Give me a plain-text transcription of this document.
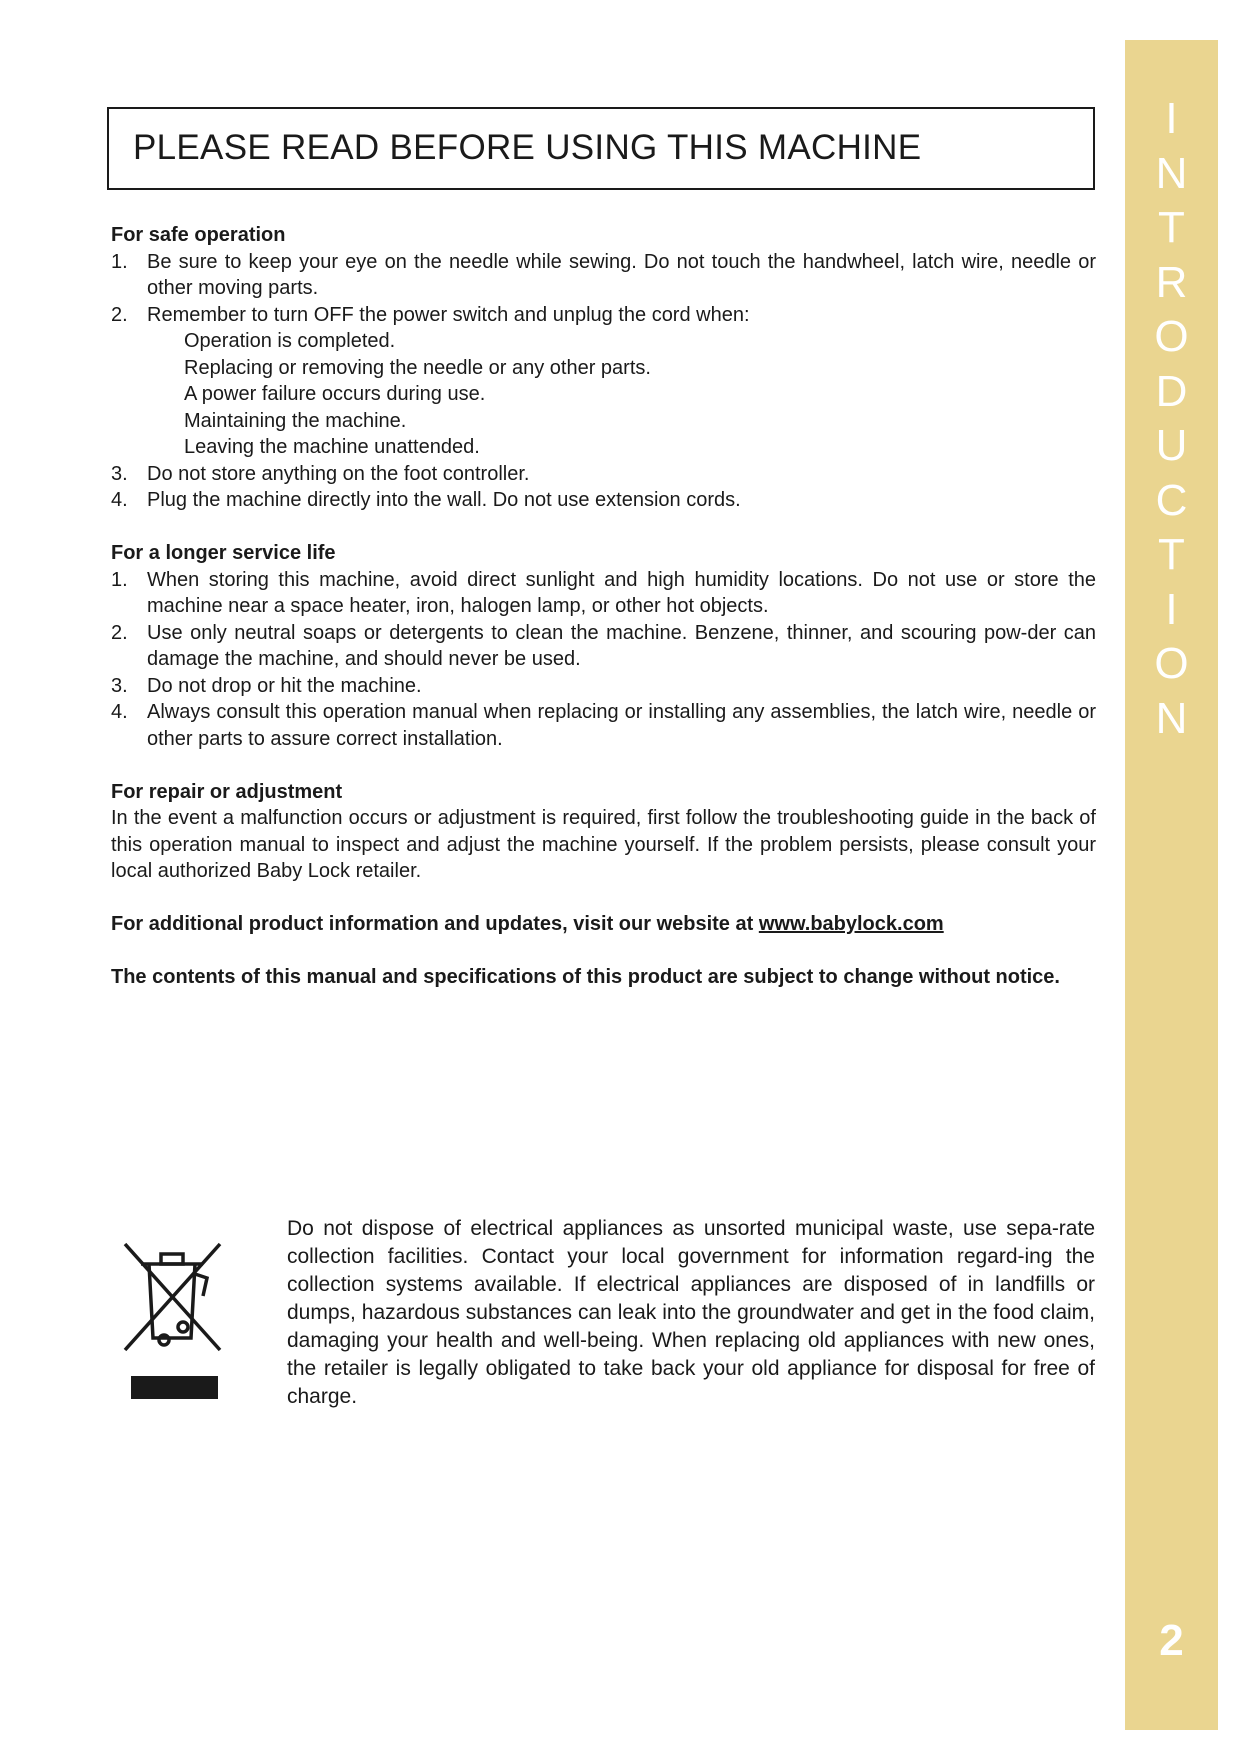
I
N
T
R
O
D
U
C
T
I
O
N
2
PLEASE READ BEFORE USING THIS MACHINE
For safe operation
1. Be sure to keep your eye on the needle while sewing. Do not touch the handwheel, latch wire, needle or other moving parts.
2. Remember to turn OFF the power switch and unplug the cord when:
Operation is completed.
Replacing or removing the needle or any other parts.
A power failure occurs during use.
Maintaining the machine.
Leaving the machine unattended.
3. Do not store anything on the foot controller.
4. Plug the machine directly into the wall. Do not use extension cords.
For a longer service life
1. When storing this machine, avoid direct sunlight and high humidity locations. Do not use or store the machine near a space heater, iron, halogen lamp, or other hot objects.
2. Use only neutral soaps or detergents to clean the machine. Benzene, thinner, and scouring pow-der can damage the machine, and should never be used.
3. Do not drop or hit the machine.
4. Always consult this operation manual when replacing or installing any assemblies, the latch wire, needle or other parts to assure correct installation.
For repair or adjustment
In the event a malfunction occurs or adjustment is required, first follow the troubleshooting guide in the back of this operation manual to inspect and adjust the machine yourself. If the problem persists, please consult your local authorized Baby Lock retailer.
For additional product information and updates, visit our website at www.babylock.com
The contents of this manual and specifications of this product are subject to change without notice.
Do not dispose of electrical appliances as unsorted municipal waste, use sepa-rate collection facilities. Contact your local government for information regard-ing the collection systems available. If electrical appliances are disposed of in landfills or dumps, hazardous substances can leak into the groundwater and get in the food claim, damaging your health and well-being. When replacing old appliances with new ones, the retailer is legally obligated to take back your old appliance for disposal for free of charge.
